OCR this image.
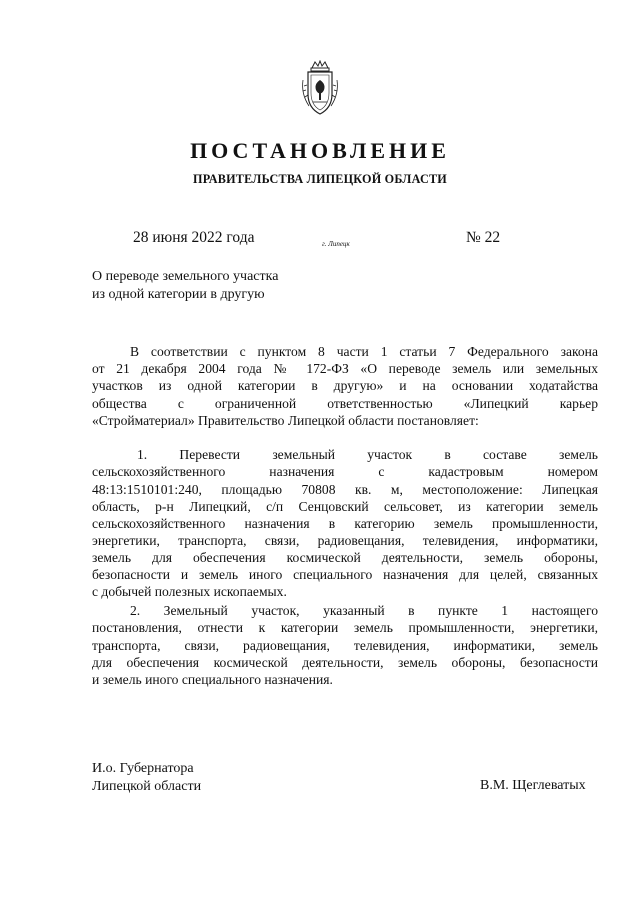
ПОСТАНОВЛЕНИЕ
ПРАВИТЕЛЬСТВА ЛИПЕЦКОЙ ОБЛАСТИ
28 июня 2022 года	г. Липецк	№ 22
О переводе земельного участка
из одной категории в другую
В соответствии с пунктом 8 части 1 статьи 7 Федерального закона
от 21 декабря 2004 года № 172-ФЗ «О переводе земель или земельных
участков из одной категории в другую» и на основании ходатайства
общества с ограниченной ответственностью «Липецкий карьер
«Стройматериал» Правительство Липецкой области постановляет:
1. Перевести земельный участок в составе земель
сельскохозяйственного назначения с кадастровым номером
48:13:1510101:240, площадью 70808 кв. м, местоположение: Липецкая
область, р-н Липецкий, с/п Сенцовский сельсовет, из категории земель
сельскохозяйственного назначения в категорию земель промышленности,
энергетики, транспорта, связи, радиовещания, телевидения, информатики,
земель для обеспечения космической деятельности, земель обороны,
безопасности и земель иного специального назначения для целей, связанных
с добычей полезных ископаемых.
2. Земельный участок, указанный в пункте 1 настоящего
постановления, отнести к категории земель промышленности, энергетики,
транспорта, связи, радиовещания, телевидения, информатики, земель
для обеспечения космической деятельности, земель обороны, безопасности
и земель иного специального назначения.
И.о. Губернатора
Липецкой области	В.М. Щеглеватых
